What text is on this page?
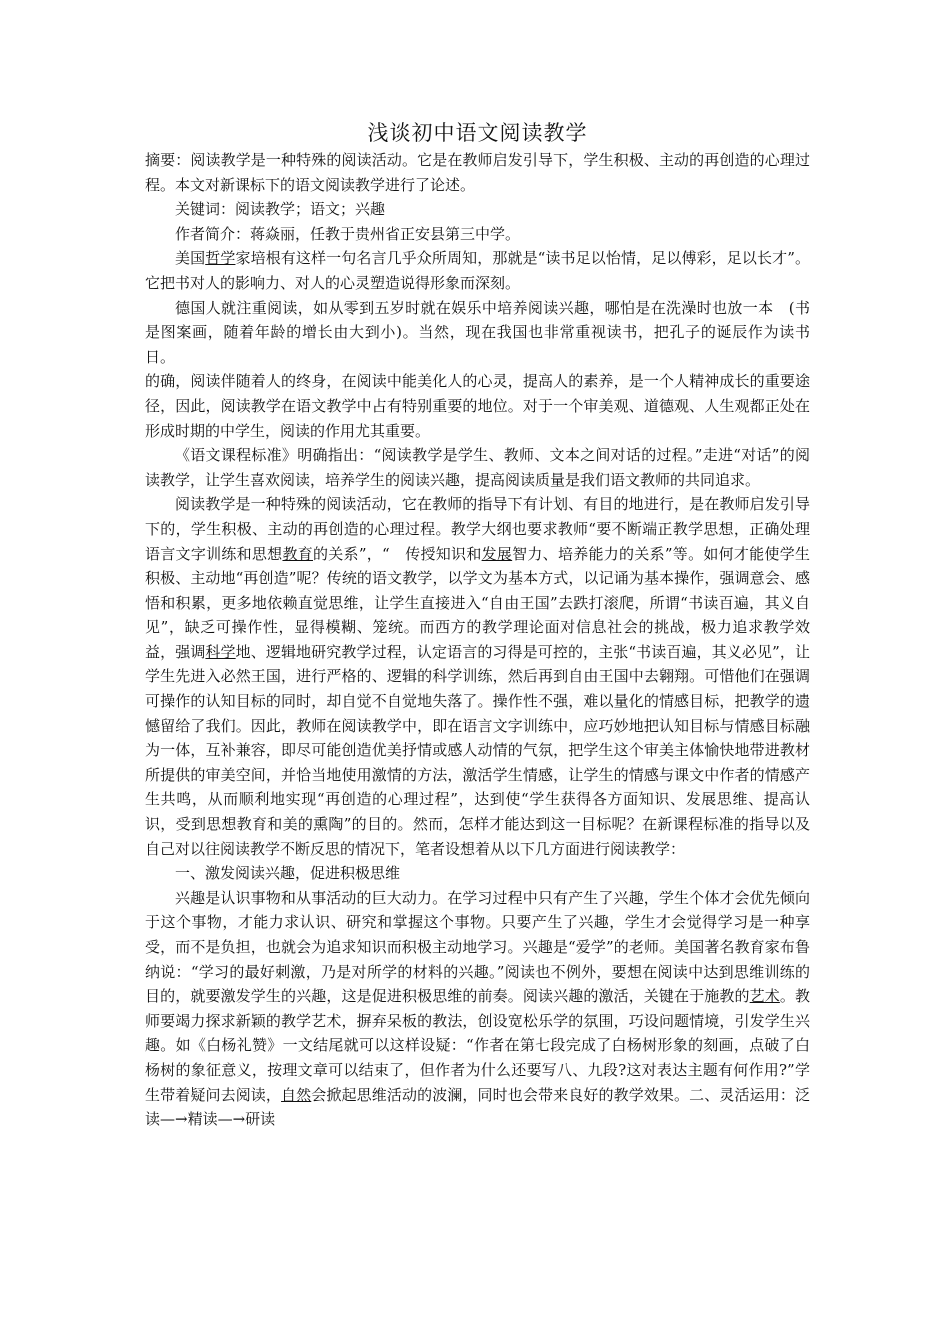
浅谈初中语文阅读教学

摘要：阅读教学是一种特殊的阅读活动。它是在教师启发引导下，学生积极、主动的再创造的心理过程。本文对新课标下的语文阅读教学进行了论述。

关键词：阅读教学；语文；兴趣

作者简介：蒋焱丽，任教于贵州省正安县第三中学。

美国哲学家培根有这样一句名言几乎众所周知，那就是“读书足以怡情，足以傅彩，足以长才”。它把书对人的影响力、对人的心灵塑造说得形象而深刻。

德国人就注重阅读，如从零到五岁时就在娱乐中培养阅读兴趣，哪怕是在洗澡时也放一本　(书是图案画，随着年龄的增长由大到小)。当然，现在我国也非常重视读书，把孔子的诞辰作为读书日。

的确，阅读伴随着人的终身，在阅读中能美化人的心灵，提高人的素养，是一个人精神成长的重要途径，因此，阅读教学在语文教学中占有特别重要的地位。对于一个审美观、道德观、人生观都正处在形成时期的中学生，阅读的作用尤其重要。

《语文课程标准》明确指出：“阅读教学是学生、教师、文本之间对话的过程。”走进“对话”的阅读教学，让学生喜欢阅读，培养学生的阅读兴趣，提高阅读质量是我们语文教师的共同追求。

阅读教学是一种特殊的阅读活动，它在教师的指导下有计划、有目的地进行，是在教师启发引导下的，学生积极、主动的再创造的心理过程。教学大纲也要求教师“要不断端正教学思想，正确处理语言文字训练和思想教育的关系”，“　传授知识和发展智力、培养能力的关系”等。如何才能使学生积极、主动地“再创造”呢？传统的语文教学，以学文为基本方式，以记诵为基本操作，强调意会、感悟和积累，更多地依赖直觉思维，让学生直接进入“自由王国”去跌打滚爬，所谓“书读百遍，其义自见”，缺乏可操作性，显得模糊、笼统。而西方的教学理论面对信息社会的挑战，极力追求教学效益，强调科学地、逻辑地研究教学过程，认定语言的习得是可控的，主张“书读百遍，其义必见”，让学生先进入必然王国，进行严格的、逻辑的科学训练，然后再到自由王国中去翱翔。可惜他们在强调可操作的认知目标的同时，却自觉不自觉地失落了。操作性不强，难以量化的情感目标，把教学的遗憾留给了我们。因此，教师在阅读教学中，即在语言文字训练中，应巧妙地把认知目标与情感目标融为一体，互补兼容，即尽可能创造优美抒情或感人动情的气氛，把学生这个审美主体愉快地带进教材所提供的审美空间，并恰当地使用激情的方法，激活学生情感，让学生的情感与课文中作者的情感产生共鸣，从而顺利地实现“再创造的心理过程”，达到使“学生获得各方面知识、发展思维、提高认识，受到思想教育和美的熏陶”的目的。然而，怎样才能达到这一目标呢？在新课程标准的指导以及自己对以往阅读教学不断反思的情况下，笔者设想着从以下几方面进行阅读教学：

一、激发阅读兴趣，促进积极思维

兴趣是认识事物和从事活动的巨大动力。在学习过程中只有产生了兴趣，学生个体才会优先倾向于这个事物，才能力求认识、研究和掌握这个事物。只要产生了兴趣，学生才会觉得学习是一种享受，而不是负担，也就会为追求知识而积极主动地学习。兴趣是“爱学”的老师。美国著名教育家布鲁纳说：“学习的最好刺激，乃是对所学的材料的兴趣。”阅读也不例外，要想在阅读中达到思维训练的目的，就要激发学生的兴趣，这是促进积极思维的前奏。阅读兴趣的激活，关键在于施教的艺术。教师要竭力探求新颖的教学艺术，摒弃呆板的教法，创设宽松乐学的氛围，巧设问题情境，引发学生兴趣。如《白杨礼赞》一文结尾就可以这样设疑：“作者在第七段完成了白杨树形象的刻画，点破了白杨树的象征意义，按理文章可以结束了，但作者为什么还要写八、九段?这对表达主题有何作用?”学生带着疑问去阅读，自然会掀起思维活动的波澜，同时也会带来良好的教学效果。二、灵活运用：泛读—→精读—→研读
